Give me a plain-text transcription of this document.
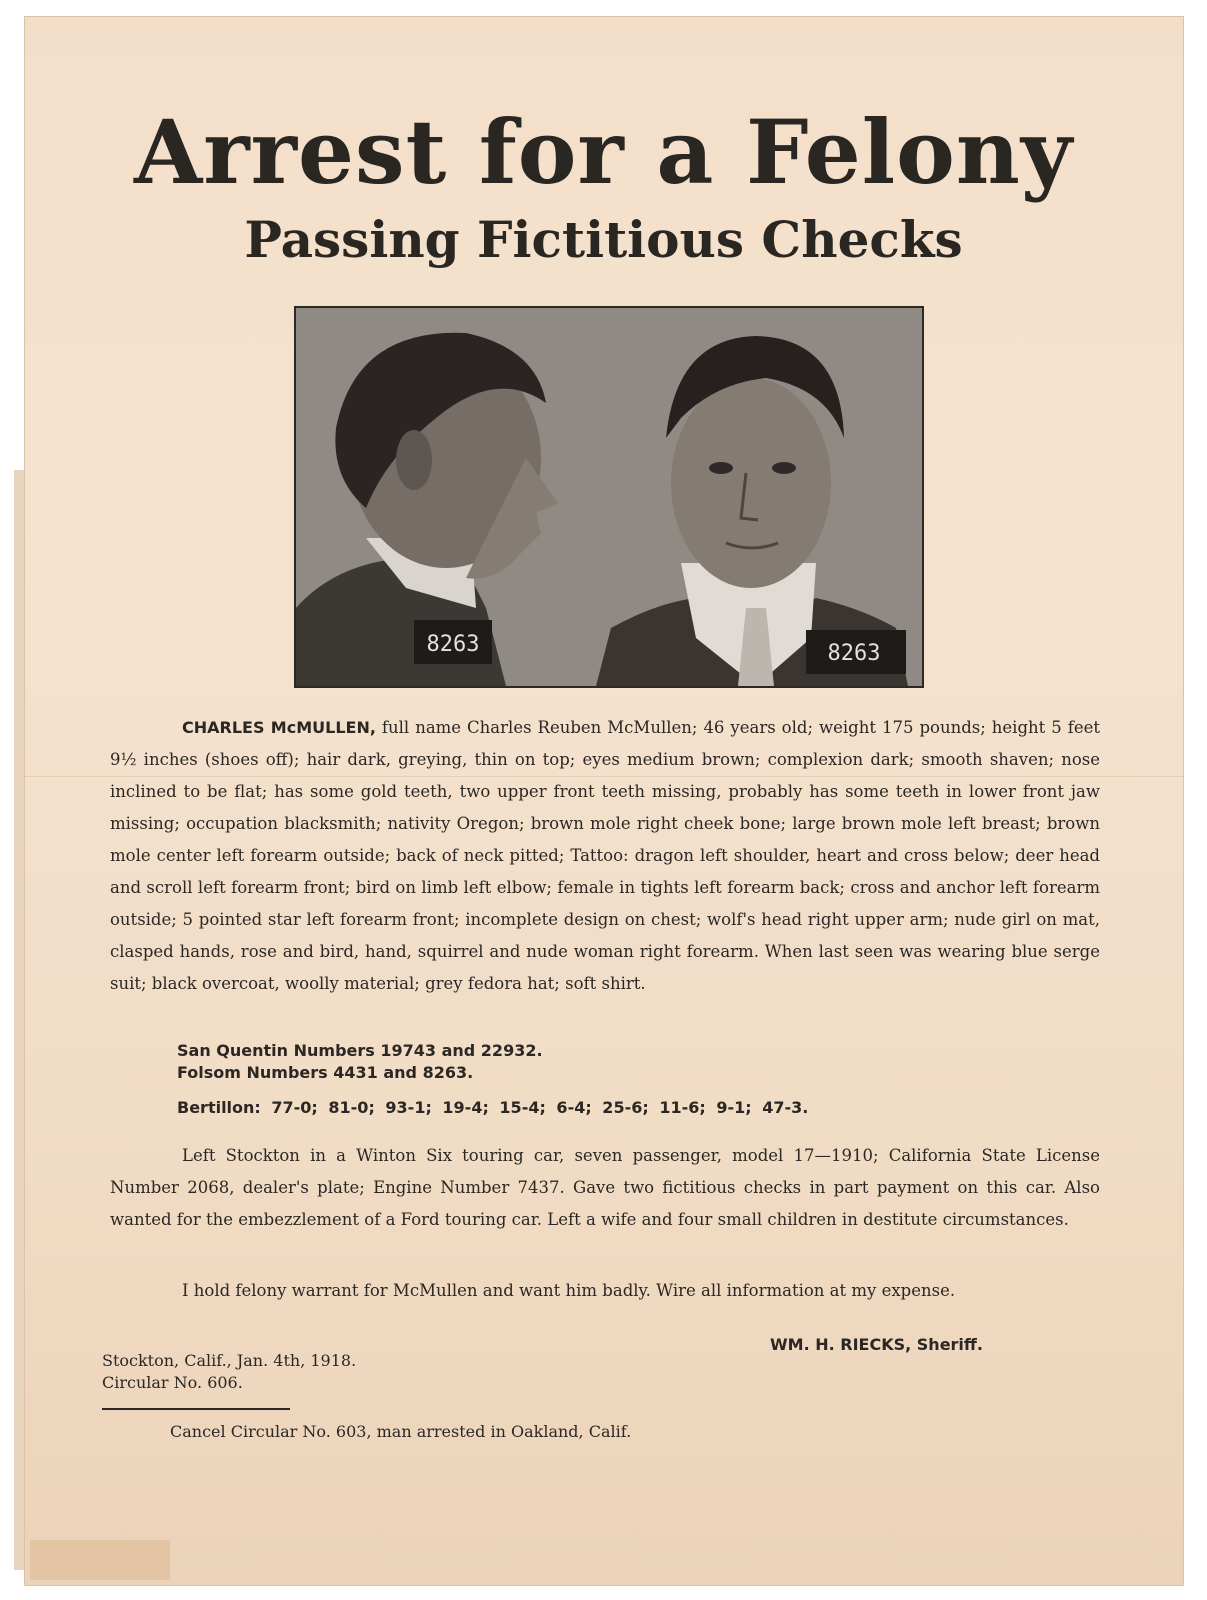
Arrest for a Felony
Passing Fictitious Checks
8263	8263
CHARLES McMULLEN, full name Charles Reuben McMullen; 46 years old; weight 175 pounds; height 5 feet 9½ inches (shoes off); hair dark, greying, thin on top; eyes medium brown; complexion dark; smooth shaven; nose inclined to be flat; has some gold teeth, two upper front teeth missing, probably has some teeth in lower front jaw missing; occupation blacksmith; nativity Oregon; brown mole right cheek bone; large brown mole left breast; brown mole center left forearm outside; back of neck pitted; Tattoo: dragon left shoulder, heart and cross below; deer head and scroll left forearm front; bird on limb left elbow; female in tights left forearm back; cross and anchor left forearm outside; 5 pointed star left forearm front; incomplete design on chest; wolf's head right upper arm; nude girl on mat, clasped hands, rose and bird, hand, squirrel and nude woman right forearm. When last seen was wearing blue serge suit; black overcoat, woolly material; grey fedora hat; soft shirt.
San Quentin Numbers 19743 and 22932.
Folsom Numbers 4431 and 8263.
Bertillon: 77-0; 81-0; 93-1; 19-4; 15-4; 6-4; 25-6; 11-6; 9-1; 47-3.
Left Stockton in a Winton Six touring car, seven passenger, model 17—1910; California State License Number 2068, dealer's plate; Engine Number 7437. Gave two fictitious checks in part payment on this car. Also wanted for the embezzlement of a Ford touring car. Left a wife and four small children in destitute circumstances.
I hold felony warrant for McMullen and want him badly. Wire all information at my expense.
WM. H. RIECKS, Sheriff.
Stockton, Calif., Jan. 4th, 1918.
Circular No. 606.
Cancel Circular No. 603, man arrested in Oakland, Calif.
